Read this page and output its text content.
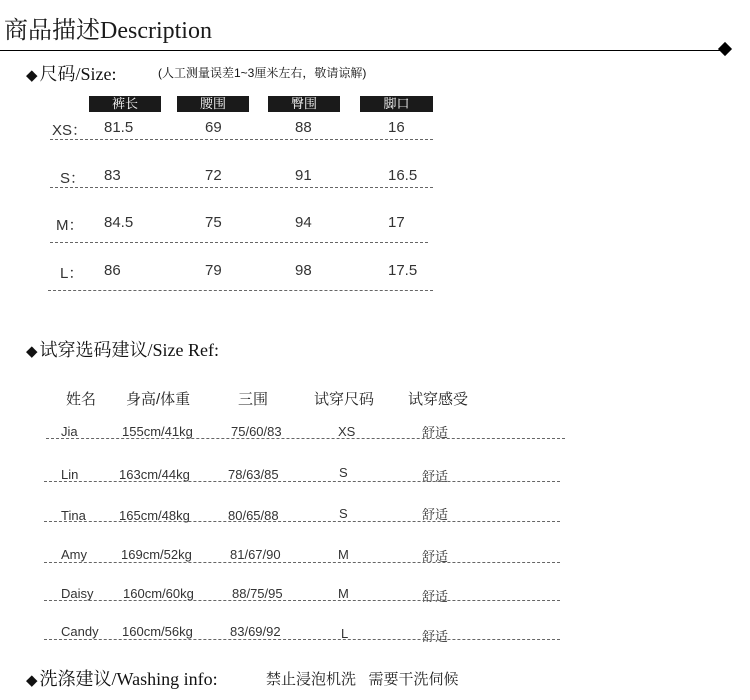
商品描述Description
◆ 尺码/Size:	(人工测量误差1~3厘米左右，敬请谅解)
裤长	腰围	臀围	脚口
XS： 81.5	69	88	16
S： 83	72	91	16.5
M： 84.5	75	94	17
L： 86	79	98	17.5
◆ 试穿选码建议/Size Ref:
姓名 身高/体重	三围	试穿尺码 试穿感受
Jia	155cm/41kg	75/60/83	XS	舒适
Lin	163cm/44kg	78/63/85	S	舒适
Tina	165cm/48kg	80/65/88	S	舒适
Amy	169cm/52kg	81/67/90	M	舒适
Daisy 160cm/60kg	88/75/95	M	舒适
Candy 160cm/56kg	83/69/92	L	舒适
◆ 洗涤建议/Washing info:	禁止浸泡机洗   需要干洗伺候
